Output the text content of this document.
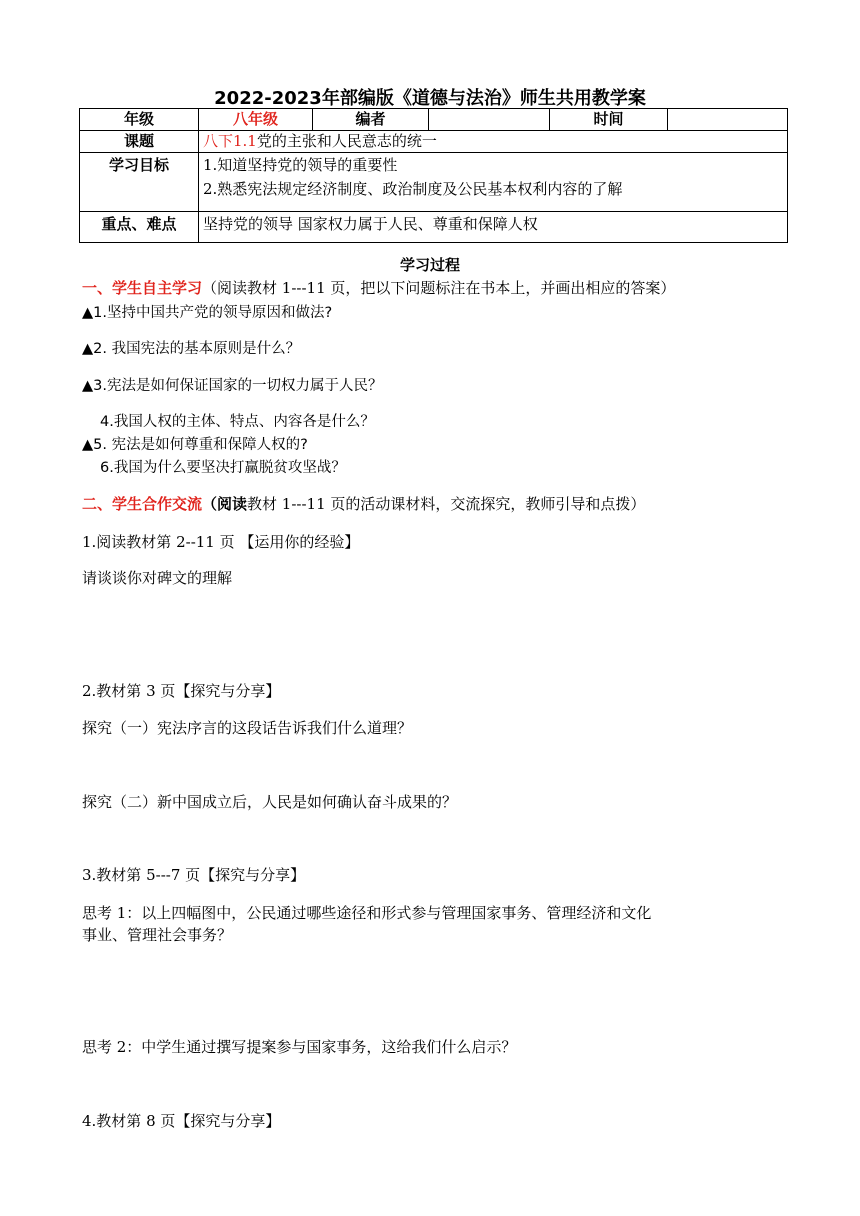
2022-2023年部编版《道德与法治》师生共用教学案
年级	八年级	编者		时间	
课题	八下1.1党的主张和人民意志的统一				
学习目标	1.知道坚持党的领导的重要性
2.熟悉宪法规定经济制度、政治制度及公民基本权利内容的了解				

重点、难点	坚持党的领导 国家权力属于人民、尊重和保障人权				
学习过程
一、学生自主学习（阅读教材 1---11 页，把以下问题标注在书本上，并画出相应的答案）
▲1.坚持中国共产党的领导原因和做法?
▲2. 我国宪法的基本原则是什么？
▲3.宪法是如何保证国家的一切权力属于人民？
4.我国人权的主体、特点、内容各是什么？
▲5. 宪法是如何尊重和保障人权的?
6.我国为什么要坚决打赢脱贫攻坚战？
二、学生合作交流（阅读教材 1---11 页的活动课材料，交流探究，教师引导和点拨）
1.阅读教材第 2--11 页 【运用你的经验】
请谈谈你对碑文的理解
2.教材第 3 页【探究与分享】
探究（一）宪法序言的这段话告诉我们什么道理？
探究（二）新中国成立后，人民是如何确认奋斗成果的？
3.教材第 5---7 页【探究与分享】
思考 1：以上四幅图中，公民通过哪些途径和形式参与管理国家事务、管理经济和文化
事业、管理社会事务？
思考 2：中学生通过撰写提案参与国家事务，这给我们什么启示？
4.教材第 8 页【探究与分享】
